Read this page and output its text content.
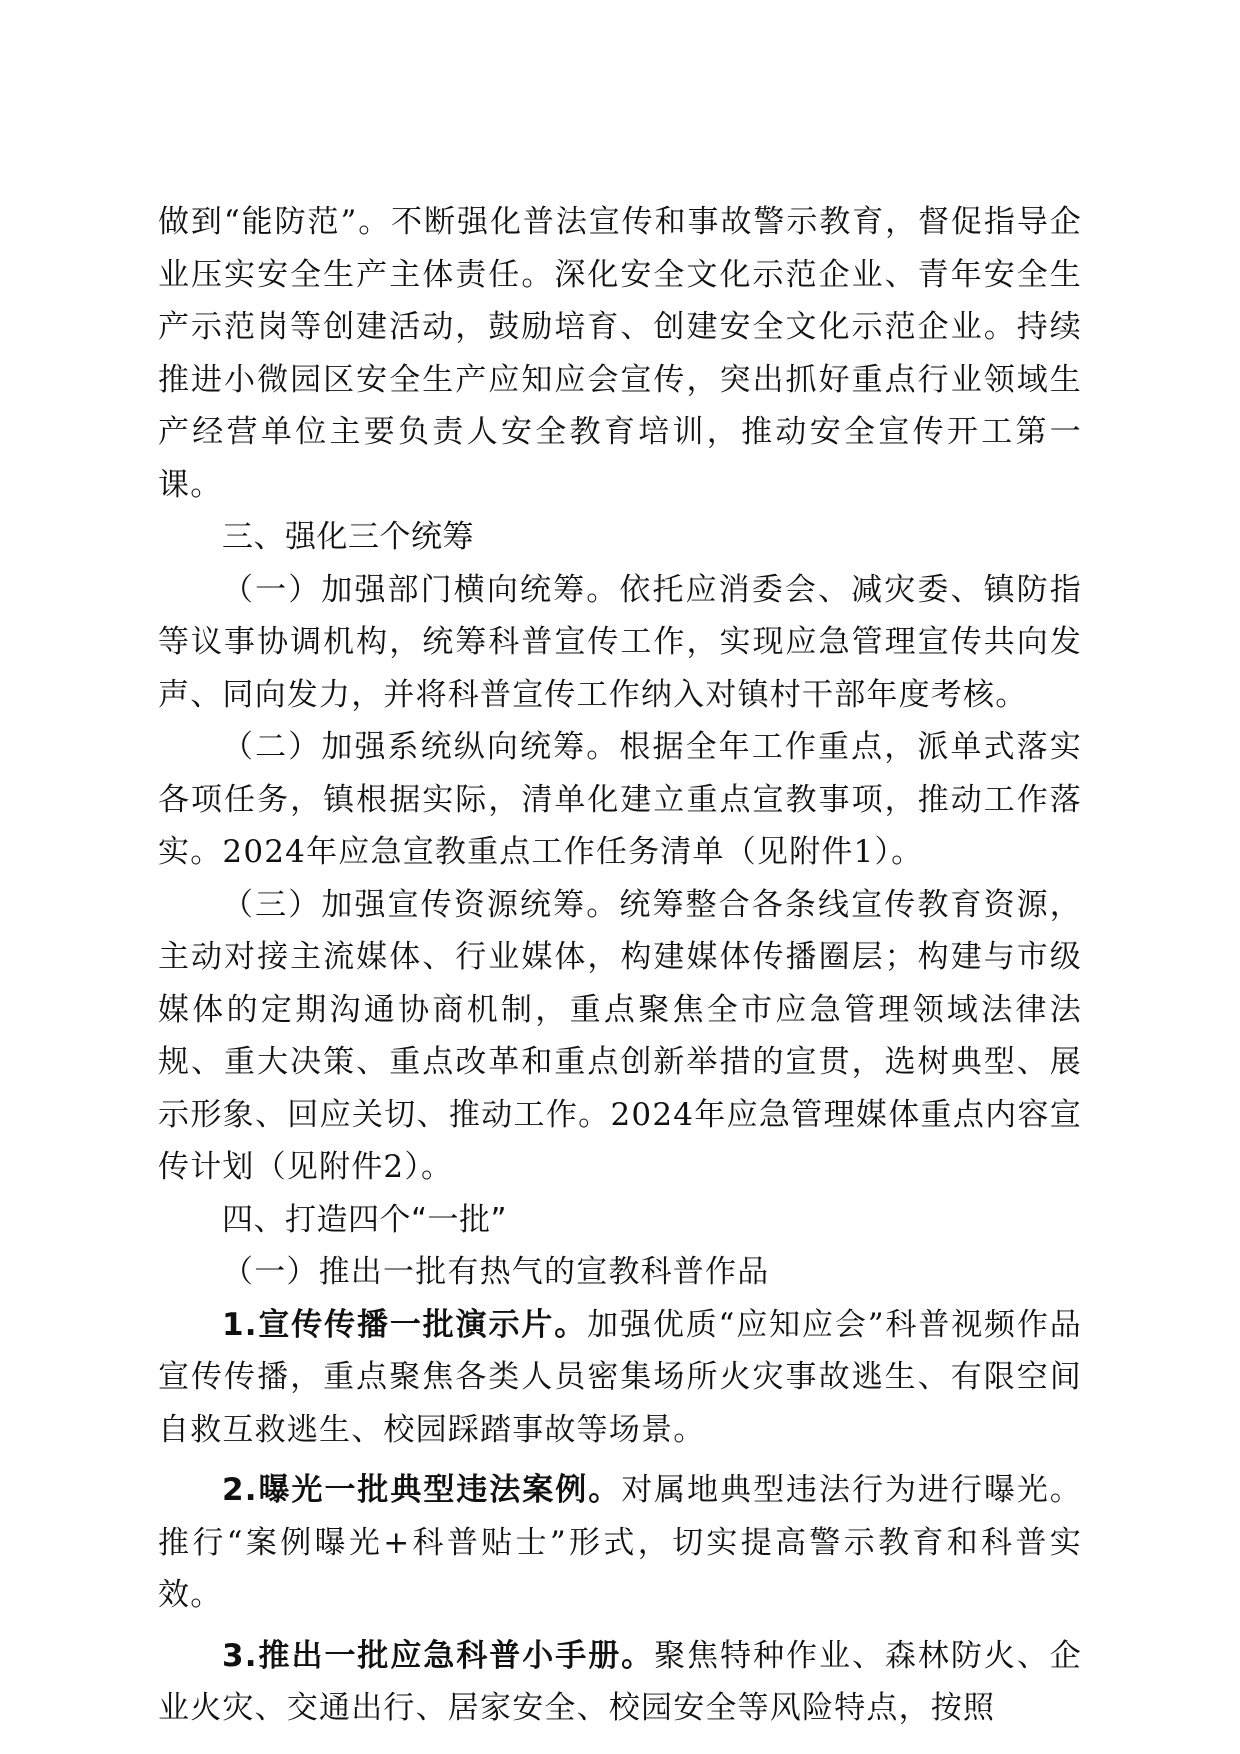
做到“能防范”。不断强化普法宣传和事故警示教育，督促指导企业压实安全生产主体责任。深化安全文化示范企业、青年安全生产示范岗等创建活动，鼓励培育、创建安全文化示范企业。持续推进小微园区安全生产应知应会宣传，突出抓好重点行业领域生产经营单位主要负责人安全教育培训，推动安全宣传开工第一课。

三、强化三个统筹

（一）加强部门横向统筹。依托应消委会、减灾委、镇防指等议事协调机构，统筹科普宣传工作，实现应急管理宣传共向发声、同向发力，并将科普宣传工作纳入对镇村干部年度考核。

（二）加强系统纵向统筹。根据全年工作重点，派单式落实各项任务，镇根据实际，清单化建立重点宣教事项，推动工作落实。2024年应急宣教重点工作任务清单（见附件1）。

（三）加强宣传资源统筹。统筹整合各条线宣传教育资源，主动对接主流媒体、行业媒体，构建媒体传播圈层；构建与市级媒体的定期沟通协商机制，重点聚焦全市应急管理领域法律法规、重大决策、重点改革和重点创新举措的宣贯，选树典型、展示形象、回应关切、推动工作。2024年应急管理媒体重点内容宣传计划（见附件2）。

四、打造四个“一批”

（一）推出一批有热气的宣教科普作品

1.宣传传播一批演示片。加强优质“应知应会”科普视频作品宣传传播，重点聚焦各类人员密集场所火灾事故逃生、有限空间自救互救逃生、校园踩踏事故等场景。

2.曝光一批典型违法案例。对属地典型违法行为进行曝光。推行“案例曝光+科普贴士”形式，切实提高警示教育和科普实效。

3.推出一批应急科普小手册。聚焦特种作业、森林防火、企业火灾、交通出行、居家安全、校园安全等风险特点，按照
